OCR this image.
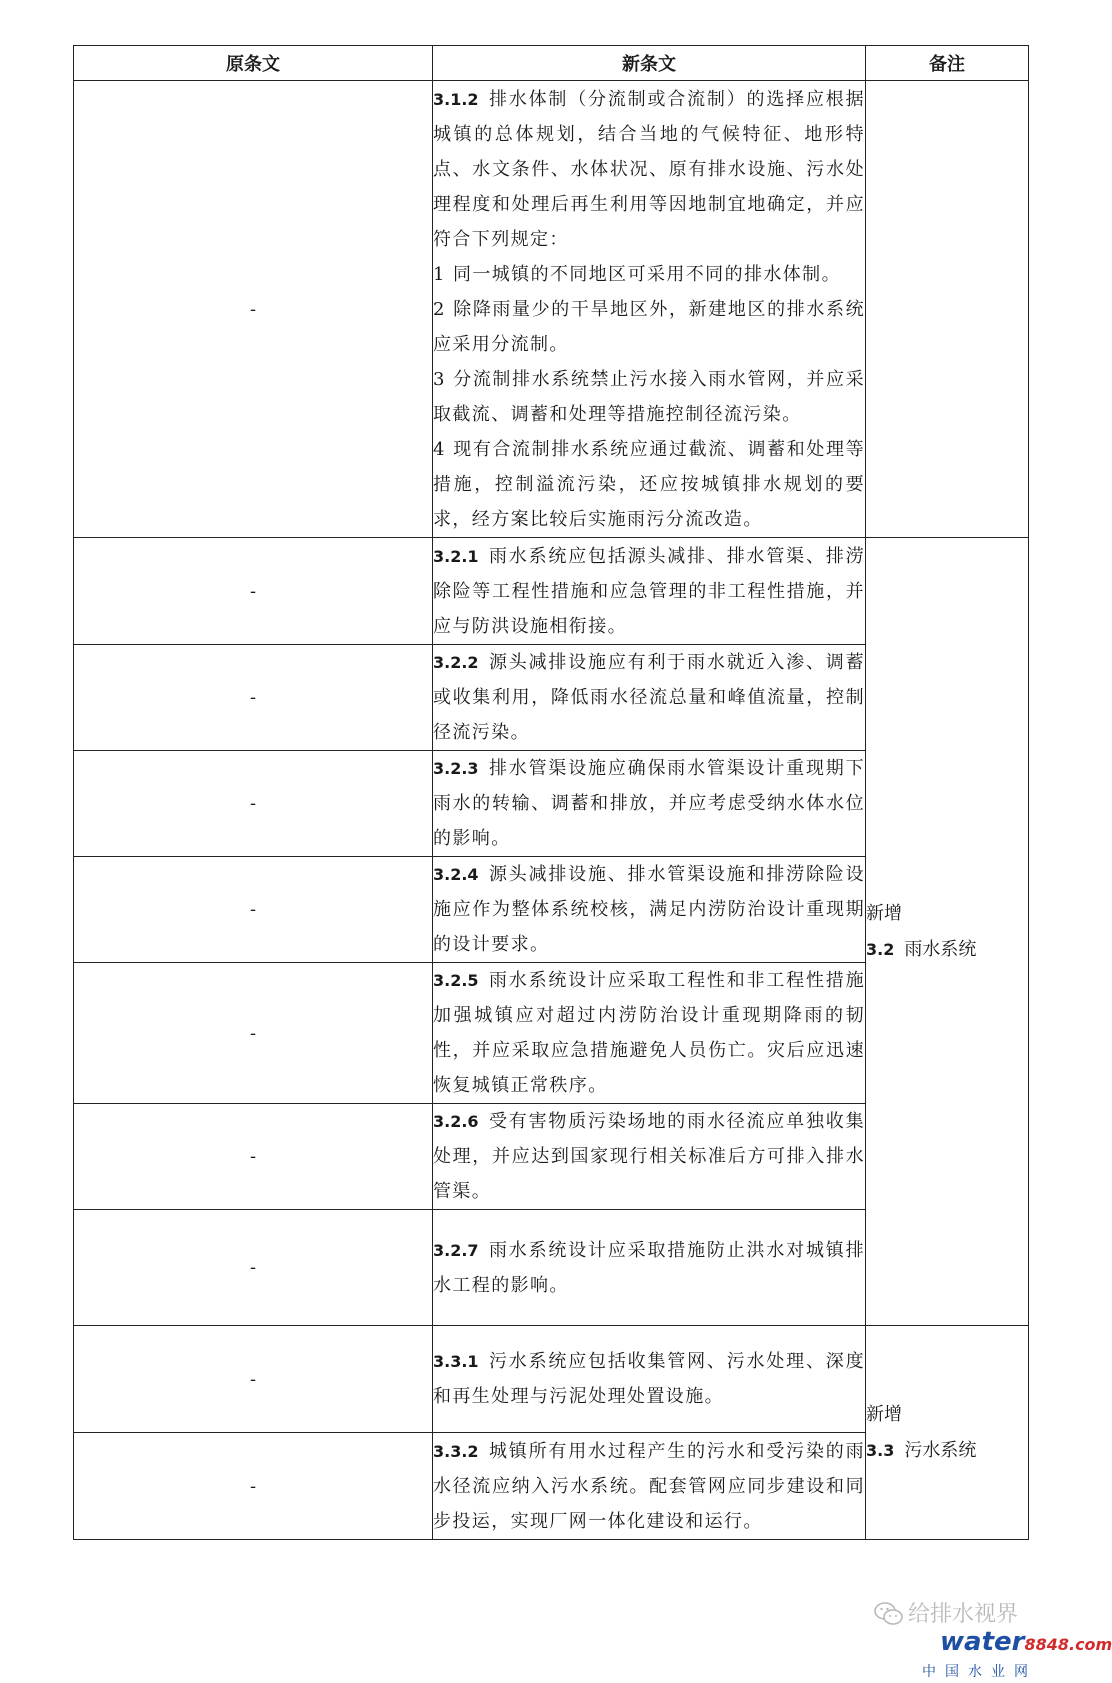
原条文	新条文	备注
-	3.1.2 排水体制（分流制或合流制）的选择应根据城镇的总体规划，结合当地的气候特征、地形特点、水文条件、水体状况、原有排水设施、污水处理程度和处理后再生利用等因地制宜地确定，并应符合下列规定：

1 同一城镇的不同地区可采用不同的排水体制。

2 除降雨量少的干旱地区外，新建地区的排水系统应采用分流制。

3 分流制排水系统禁止污水接入雨水管网，并应采取截流、调蓄和处理等措施控制径流污染。

4 现有合流制排水系统应通过截流、调蓄和处理等措施，控制溢流污染，还应按城镇排水规划的要求，经方案比较后实施雨污分流改造。	

-	3.2.1 雨水系统应包括源头减排、排水管渠、排涝除险等工程性措施和应急管理的非工程性措施，并应与防洪设施相衔接。	新增
3.2 雨水系统

-	3.2.2 源头减排设施应有利于雨水就近入渗、调蓄或收集利用，降低雨水径流总量和峰值流量，控制径流污染。	

-	3.2.3 排水管渠设施应确保雨水管渠设计重现期下雨水的转输、调蓄和排放，并应考虑受纳水体水位的影响。	

-	3.2.4 源头减排设施、排水管渠设施和排涝除险设施应作为整体系统校核，满足内涝防治设计重现期的设计要求。	

-	3.2.5 雨水系统设计应采取工程性和非工程性措施加强城镇应对超过内涝防治设计重现期降雨的韧性，并应采取应急措施避免人员伤亡。灾后应迅速恢复城镇正常秩序。	

-	3.2.6 受有害物质污染场地的雨水径流应单独收集处理，并应达到国家现行相关标准后方可排入排水管渠。	

-	3.2.7 雨水系统设计应采取措施防止洪水对城镇排水工程的影响。	

-	3.3.1 污水系统应包括收集管网、污水处理、深度和再生处理与污泥处理处置设施。	新增
3.3 污水系统

-	3.3.2 城镇所有用水过程产生的污水和受污染的雨水径流应纳入污水系统。配套管网应同步建设和同步投运，实现厂网一体化建设和运行。	

给排水视界
water8848.com
中国水业网
